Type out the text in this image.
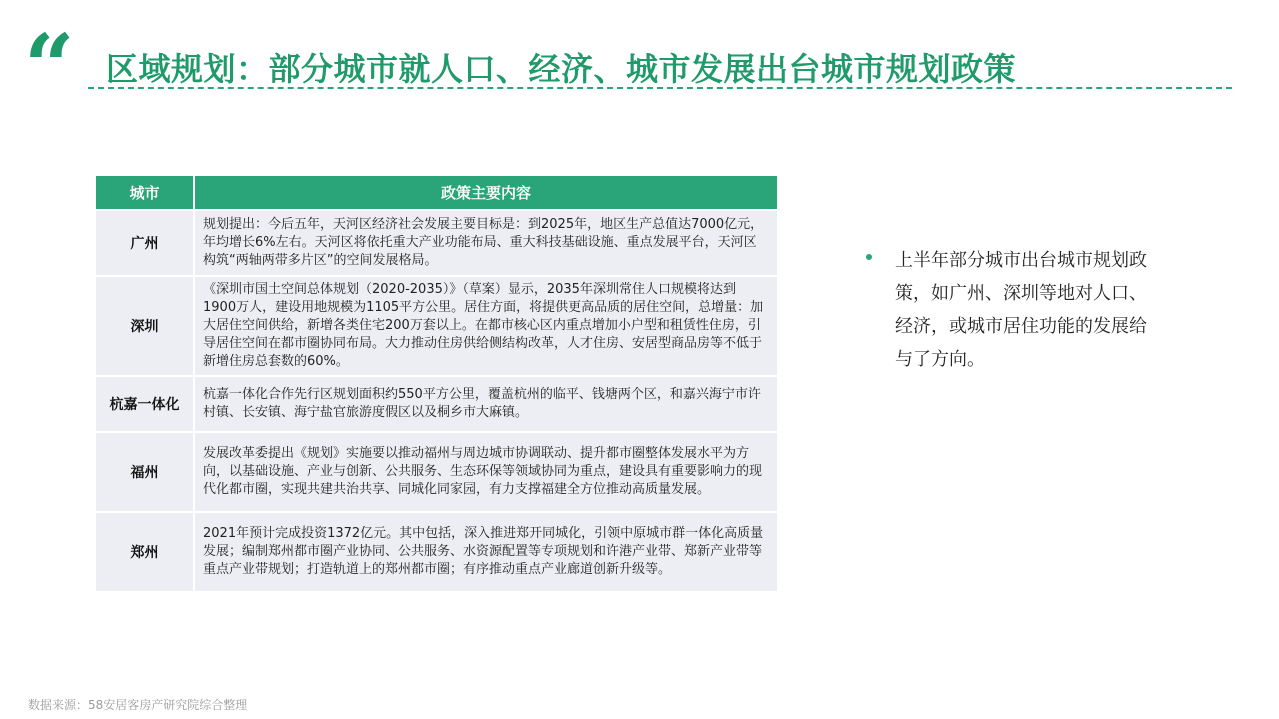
“ 区域规划：部分城市就人口、经济、城市发展出台城市规划政策
城市	政策主要内容
广州	规划提出：今后五年，天河区经济社会发展主要目标是：到2025年，地区生产总值达7000亿元，年均增长6%左右。天河区将依托重大产业功能布局、重大科技基础设施、重点发展平台，天河区构筑“两轴两带多片区”的空间发展格局。
深圳	《深圳市国土空间总体规划（2020-2035）》（草案）显示，2035年深圳常住人口规模将达到1900万人，建设用地规模为1105平方公里。居住方面，将提供更高品质的居住空间，总增量：加大居住空间供给，新增各类住宅200万套以上。在都市核心区内重点增加小户型和租赁性住房，引导居住空间在都市圈协同布局。大力推动住房供给侧结构改革，人才住房、安居型商品房等不低于新增住房总套数的60%。
杭嘉一体化	杭嘉一体化合作先行区规划面积约550平方公里，覆盖杭州的临平、钱塘两个区，和嘉兴海宁市许村镇、长安镇、海宁盐官旅游度假区以及桐乡市大麻镇。
福州	发展改革委提出《规划》实施要以推动福州与周边城市协调联动、提升都市圈整体发展水平为方向，以基础设施、产业与创新、公共服务、生态环保等领域协同为重点，建设具有重要影响力的现代化都市圈，实现共建共治共享、同城化同家园，有力支撑福建全方位推动高质量发展。
郑州	2021年预计完成投资1372亿元。其中包括，深入推进郑开同城化，引领中原城市群一体化高质量发展；编制郑州都市圈产业协同、公共服务、水资源配置等专项规划和许港产业带、郑新产业带等重点产业带规划；打造轨道上的郑州都市圈；有序推动重点产业廊道创新升级等。
上半年部分城市出台城市规划政策，如广州、深圳等地对人口、经济，或城市居住功能的发展给与了方向。
数据来源：58安居客房产研究院综合整理
